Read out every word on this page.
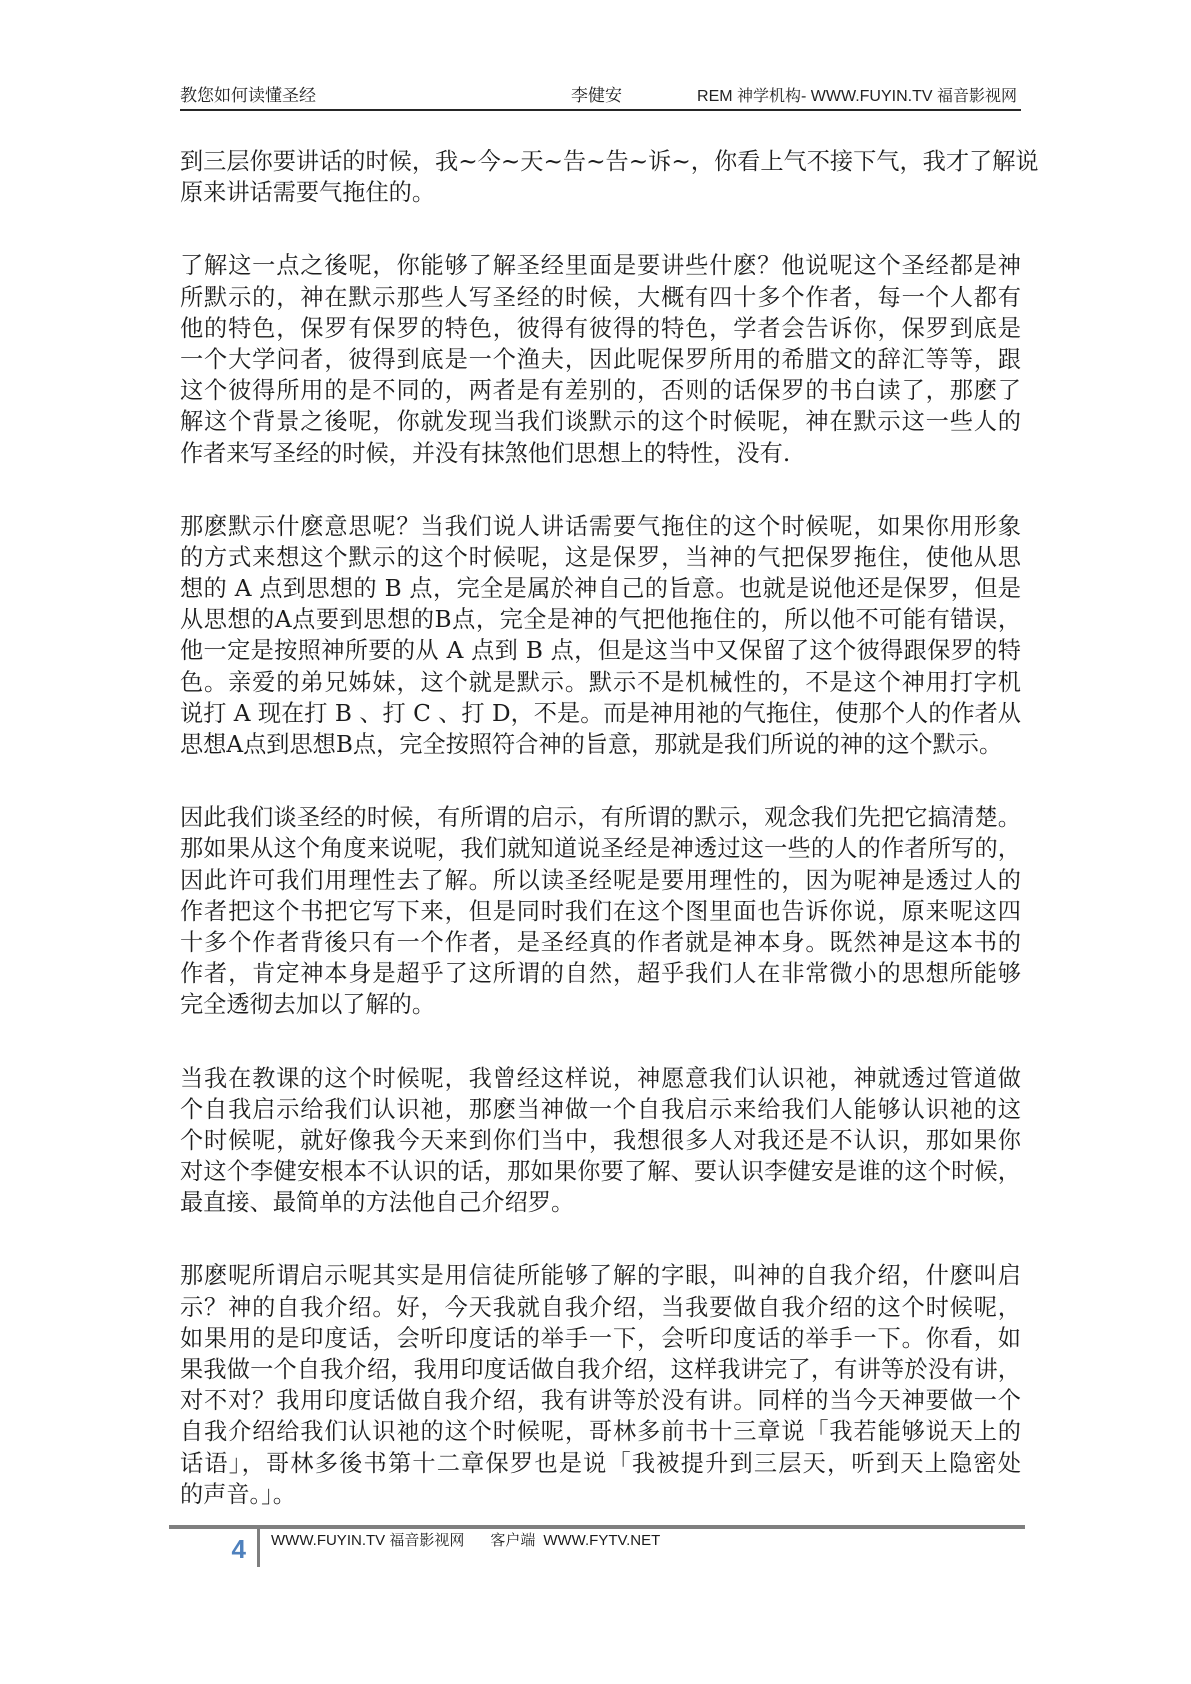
教您如何读懂圣经	李健安	REM 神学机构- WWW.FUYIN.TV 福音影视网
到三层你要讲话的时候，我~今~天~告~告~诉~，你看上气不接下气，我才了解说
原来讲话需要气拖住的。
了解这一点之後呢，你能够了解圣经里面是要讲些什麽？他说呢这个圣经都是神
所默示的，神在默示那些人写圣经的时候，大概有四十多个作者，每一个人都有
他的特色，保罗有保罗的特色，彼得有彼得的特色，学者会告诉你，保罗到底是
一个大学问者，彼得到底是一个渔夫，因此呢保罗所用的希腊文的辞汇等等，跟
这个彼得所用的是不同的，两者是有差别的，否则的话保罗的书白读了，那麽了
解这个背景之後呢，你就发现当我们谈默示的这个时候呢，神在默示这一些人的
作者来写圣经的时候，并没有抹煞他们思想上的特性，没有.
那麽默示什麽意思呢？当我们说人讲话需要气拖住的这个时候呢，如果你用形象
的方式来想这个默示的这个时候呢，这是保罗，当神的气把保罗拖住，使他从思
想的 A 点到思想的 B 点，完全是属於神自己的旨意。也就是说他还是保罗，但是
从思想的A点要到思想的B点，完全是神的气把他拖住的，所以他不可能有错误，
他一定是按照神所要的从 A 点到 B 点，但是这当中又保留了这个彼得跟保罗的特
色。亲爱的弟兄姊妹，这个就是默示。默示不是机械性的，不是这个神用打字机
说打 A 现在打 B 、打 C 、打 D，不是。而是神用祂的气拖住，使那个人的作者从
思想A点到思想B点，完全按照符合神的旨意，那就是我们所说的神的这个默示。
因此我们谈圣经的时候，有所谓的启示，有所谓的默示，观念我们先把它搞清楚。
那如果从这个角度来说呢，我们就知道说圣经是神透过这一些的人的作者所写的，
因此许可我们用理性去了解。所以读圣经呢是要用理性的，因为呢神是透过人的
作者把这个书把它写下来，但是同时我们在这个图里面也告诉你说，原来呢这四
十多个作者背後只有一个作者，是圣经真的作者就是神本身。既然神是这本书的
作者，肯定神本身是超乎了这所谓的自然，超乎我们人在非常微小的思想所能够
完全透彻去加以了解的。
当我在教课的这个时候呢，我曾经这样说，神愿意我们认识祂，神就透过管道做
个自我启示给我们认识祂，那麽当神做一个自我启示来给我们人能够认识祂的这
个时候呢，就好像我今天来到你们当中，我想很多人对我还是不认识，那如果你
对这个李健安根本不认识的话，那如果你要了解、要认识李健安是谁的这个时候，
最直接、最简单的方法他自己介绍罗。
那麽呢所谓启示呢其实是用信徒所能够了解的字眼，叫神的自我介绍，什麽叫启
示？神的自我介绍。好，今天我就自我介绍，当我要做自我介绍的这个时候呢，
如果用的是印度话，会听印度话的举手一下，会听印度话的举手一下。你看，如
果我做一个自我介绍，我用印度话做自我介绍，这样我讲完了，有讲等於没有讲，
对不对？我用印度话做自我介绍，我有讲等於没有讲。同样的当今天神要做一个
自我介绍给我们认识祂的这个时候呢，哥林多前书十三章说「我若能够说天上的
话语」，哥林多後书第十二章保罗也是说「我被提升到三层天，听到天上隐密处
的声音。」。
4 WWW.FUYIN.TV 福音影视网 客户端 WWW.FYTV.NET
